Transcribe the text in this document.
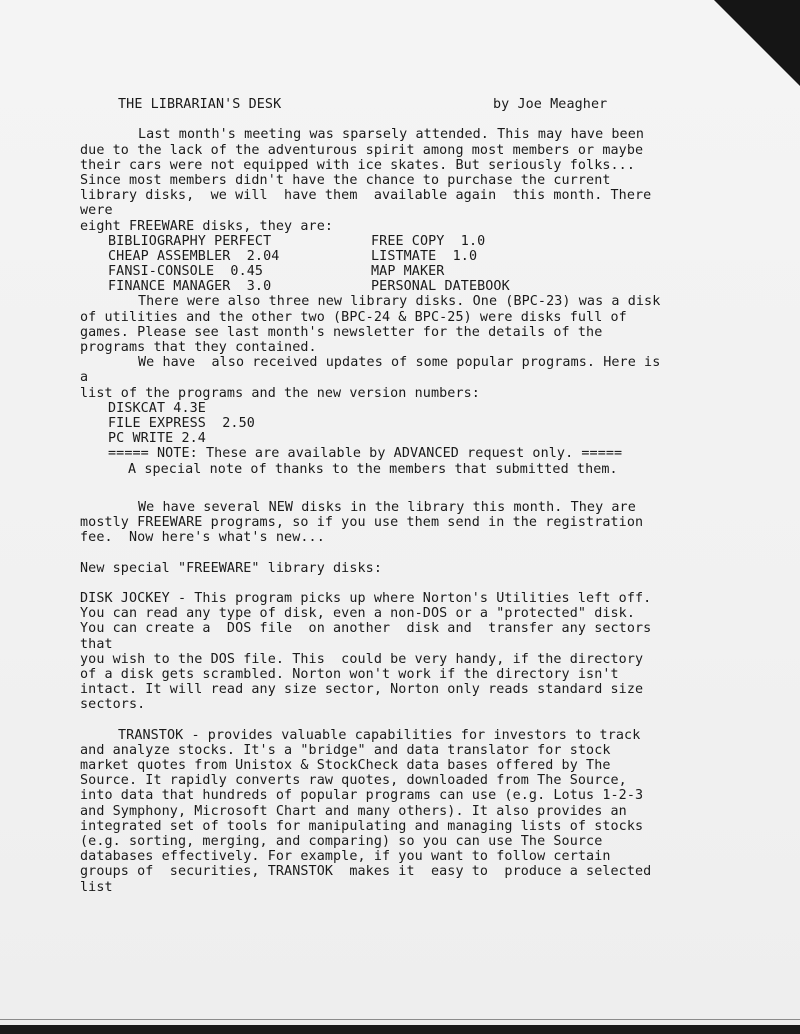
THE LIBRARIAN'S DESK	by Joe Meagher
Last month's meeting was sparsely attended. This may have been
due to the lack of the adventurous spirit among most members or maybe
their cars were not equipped with ice skates. But seriously folks...
Since most members didn't have the chance to purchase the current
library disks,  we will  have them  available again  this month. There
were
eight FREEWARE disks, they are:
BIBLIOGRAPHY PERFECT	FREE COPY  1.0
CHEAP ASSEMBLER  2.04	LISTMATE  1.0
FANSI-CONSOLE  0.45	MAP MAKER
FINANCE MANAGER  3.0	PERSONAL DATEBOOK
There were also three new library disks. One (BPC-23) was a disk
of utilities and the other two (BPC-24 & BPC-25) were disks full of
games. Please see last month's newsletter for the details of the
programs that they contained.
We have  also received updates of some popular programs. Here is
a
list of the programs and the new version numbers:
DISKCAT 4.3E
FILE EXPRESS  2.50
PC WRITE 2.4
===== NOTE: These are available by ADVANCED request only. =====
A special note of thanks to the members that submitted them.
We have several NEW disks in the library this month. They are
mostly FREEWARE programs, so if you use them send in the registration
fee.  Now here's what's new...
New special "FREEWARE" library disks:
DISK JOCKEY - This program picks up where Norton's Utilities left off.
You can read any type of disk, even a non-DOS or a "protected" disk.
You can create a  DOS file  on another  disk and  transfer any sectors
that
you wish to the DOS file. This  could be very handy, if the directory
of a disk gets scrambled. Norton won't work if the directory isn't
intact. It will read any size sector, Norton only reads standard size
sectors.
TRANSTOK - provides valuable capabilities for investors to track
and analyze stocks. It's a "bridge" and data translator for stock
market quotes from Unistox & StockCheck data bases offered by The
Source. It rapidly converts raw quotes, downloaded from The Source,
into data that hundreds of popular programs can use (e.g. Lotus 1-2-3
and Symphony, Microsoft Chart and many others). It also provides an
integrated set of tools for manipulating and managing lists of stocks
(e.g. sorting, merging, and comparing) so you can use The Source
databases effectively. For example, if you want to follow certain
groups of  securities, TRANSTOK  makes it  easy to  produce a selected
list
